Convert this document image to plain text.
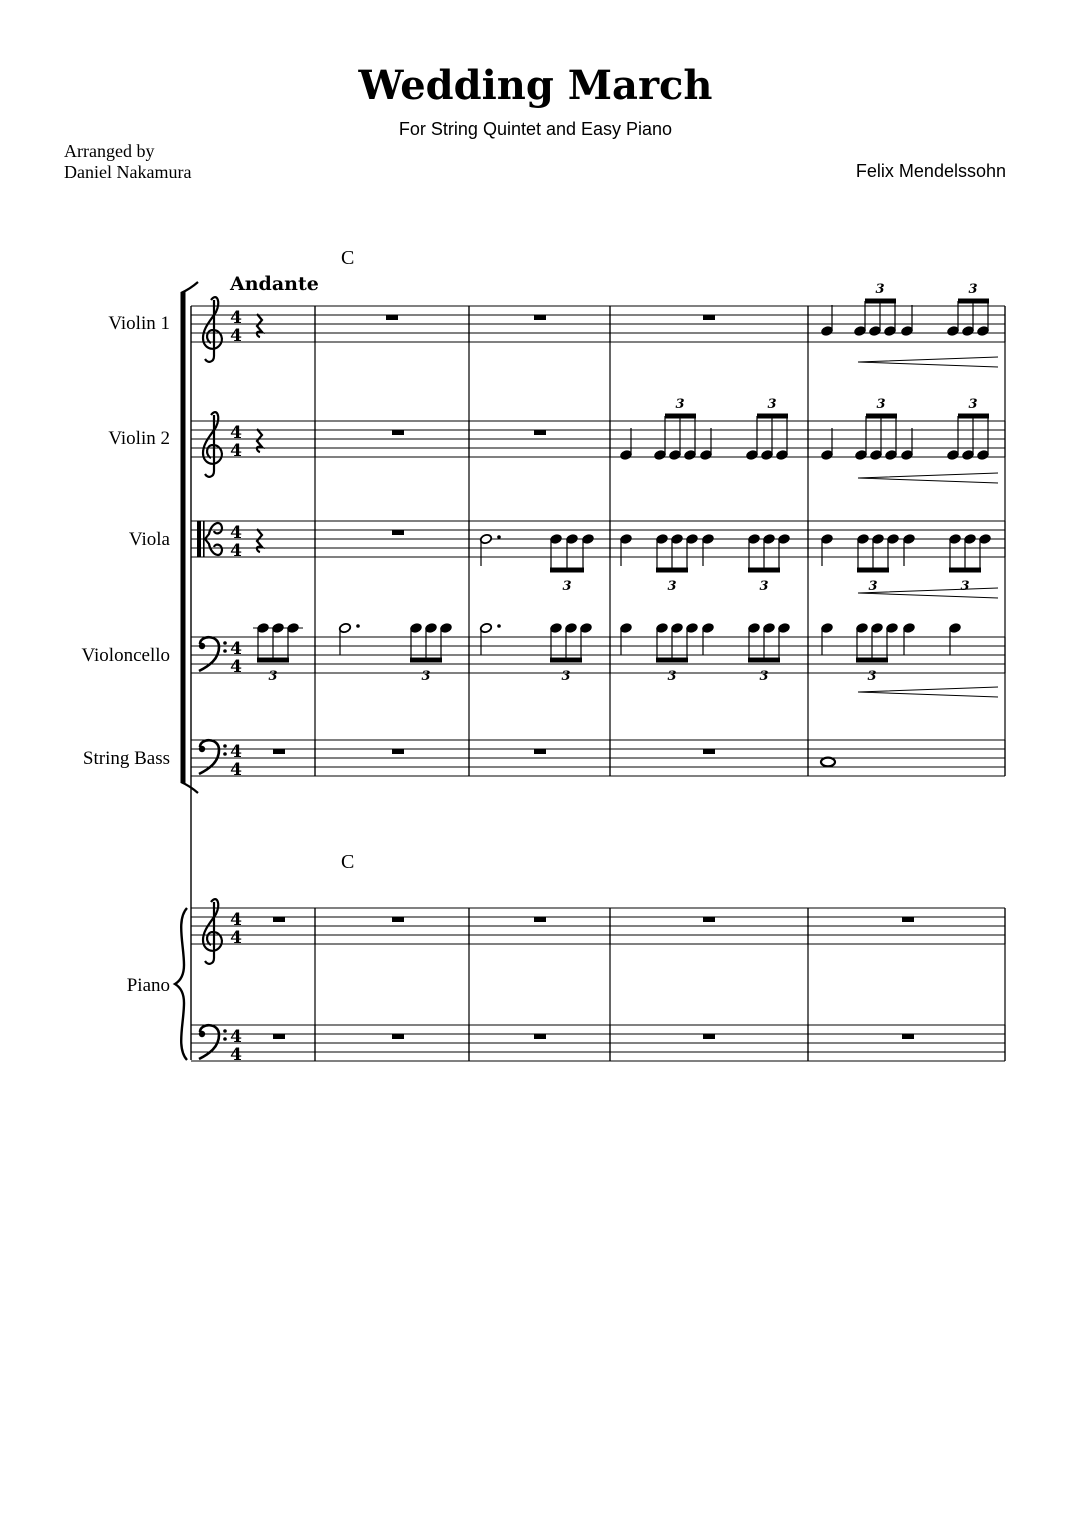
Wedding March
For String Quintet and Easy Piano
Arranged by
Daniel Nakamura	Felix Mendelssohn
C
C
Andante
Violin 1
Violin 2
Viola
Violoncello
String Bass
Piano
4
4
4
4
4
4
4
4
4
4
4
4
4
4
3	3
3	3	3	3
3	3	3	3	3
3	3	3	3	3	3
